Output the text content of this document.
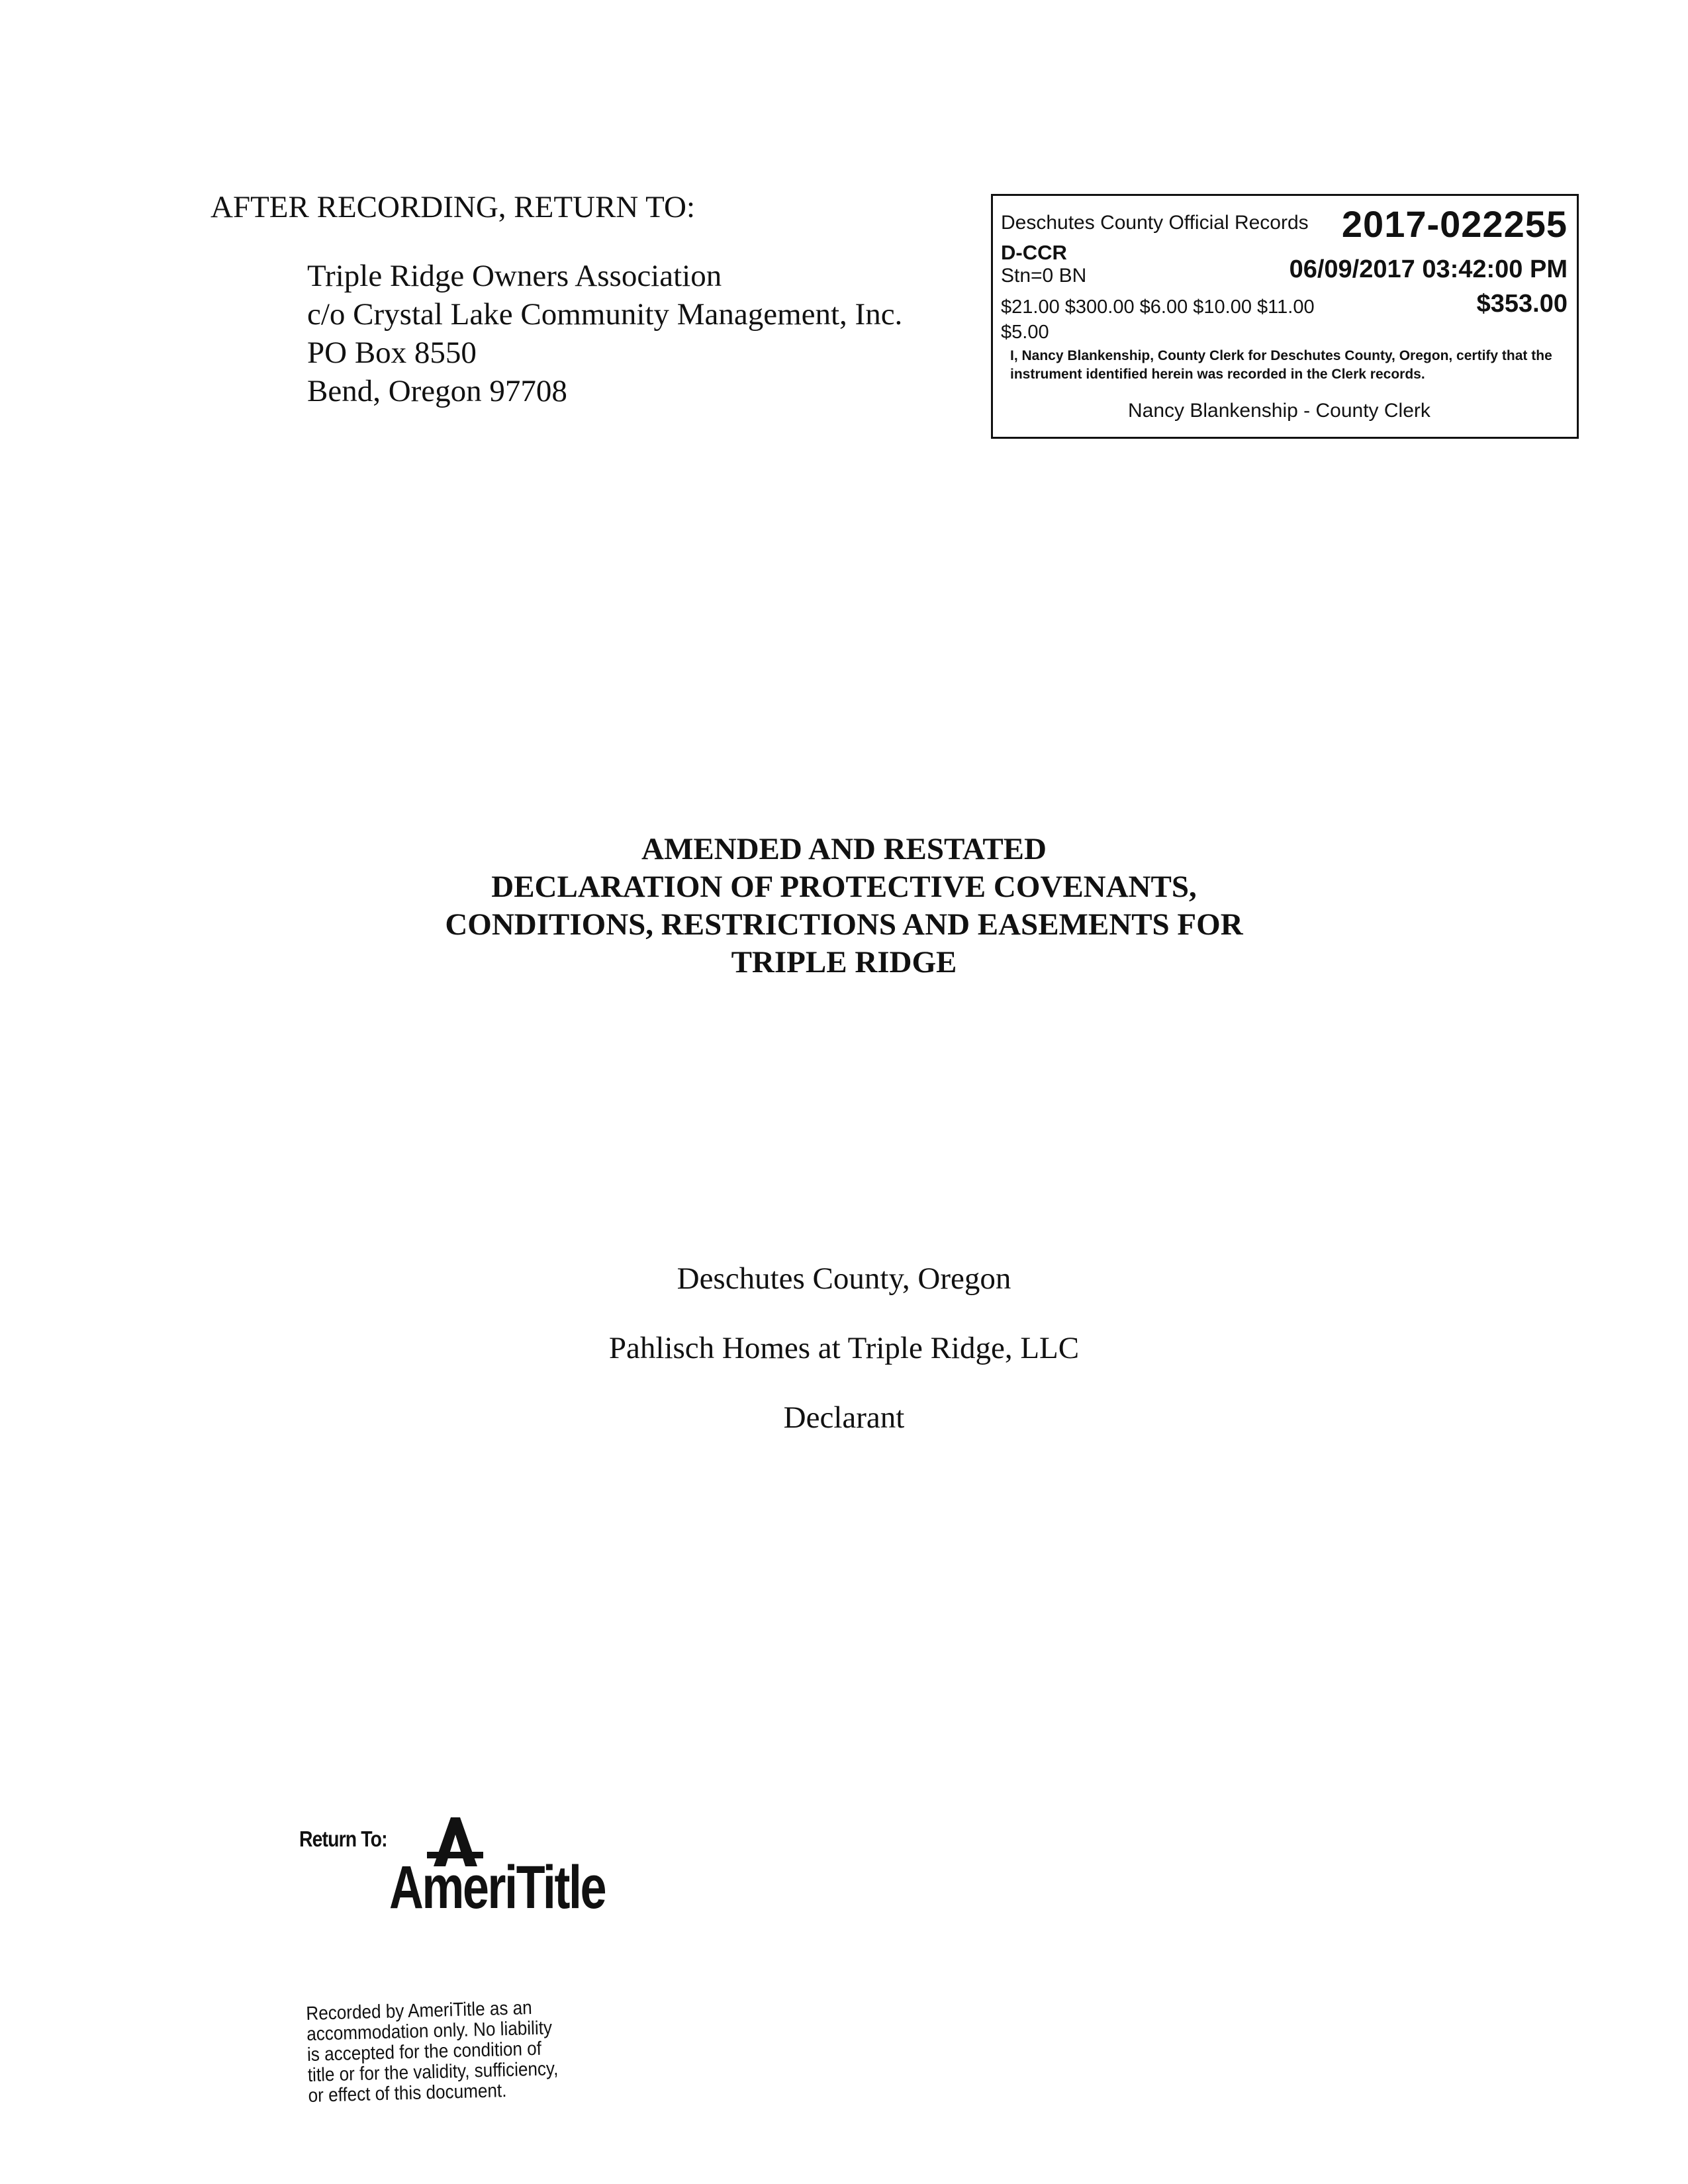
AFTER RECORDING, RETURN TO:
Triple Ridge Owners Association
c/o Crystal Lake Community Management, Inc.
PO Box 8550
Bend, Oregon 97708
Deschutes County Official Records 2017-022255
D-CCR
Stn=0 BN	06/09/2017 03:42:00 PM
$21.00 $300.00 $6.00 $10.00 $11.00
$5.00
$353.00
I, Nancy Blankenship, County Clerk for Deschutes County, Oregon, certify that the instrument identified herein was recorded in the Clerk records.
Nancy Blankenship - County Clerk
AMENDED AND RESTATED
DECLARATION OF PROTECTIVE COVENANTS,
CONDITIONS, RESTRICTIONS AND EASEMENTS FOR
TRIPLE RIDGE
Deschutes County, Oregon
Pahlisch Homes at Triple Ridge, LLC
Declarant
Return To:
AmeriTitle
Recorded by AmeriTitle as an
accommodation only. No liability
is accepted for the condition of
title or for the validity, sufficiency,
or effect of this document.
